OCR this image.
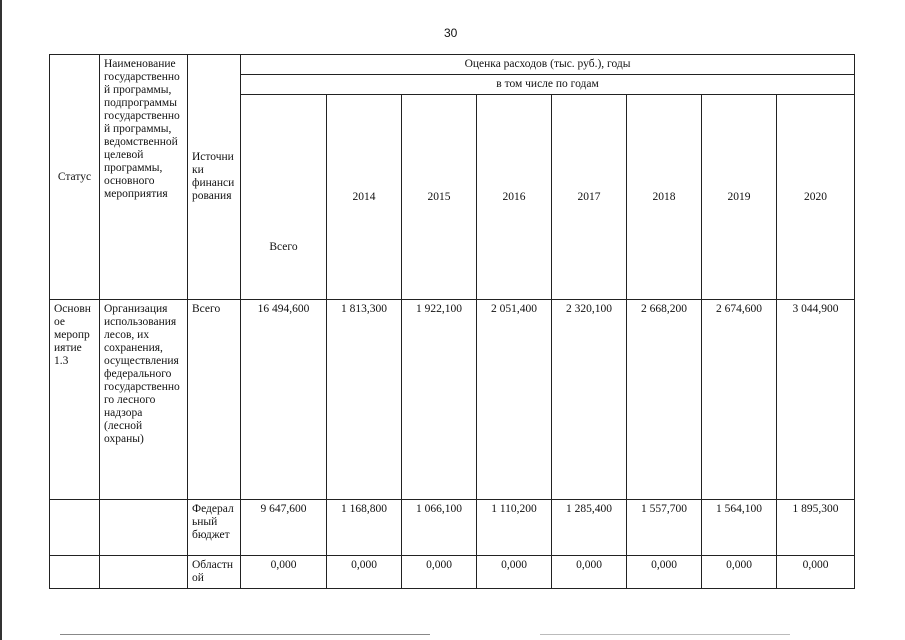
30
Статус	Наименование государственной программы, подпрограммы государственной программы, ведомственной целевой программы, основного мероприятия	Источники финансирования	Оценка расходов (тыс. руб.), годы							
			в том числе по годам							
			Всего	2014	2015	2016	2017	2018	2019	2020
Основное мероприятие 1.3	Организация использования лесов, их сохранения, осуществления федерального государственного лесного надзора (лесной охраны)	Всего	16 494,600	1 813,300	1 922,100	2 051,400	2 320,100	2 668,200	2 674,600	3 044,900
		Федеральный бюджет	9 647,600	1 168,800	1 066,100	1 110,200	1 285,400	1 557,700	1 564,100	1 895,300
		Областной	0,000	0,000	0,000	0,000	0,000	0,000	0,000	0,000
